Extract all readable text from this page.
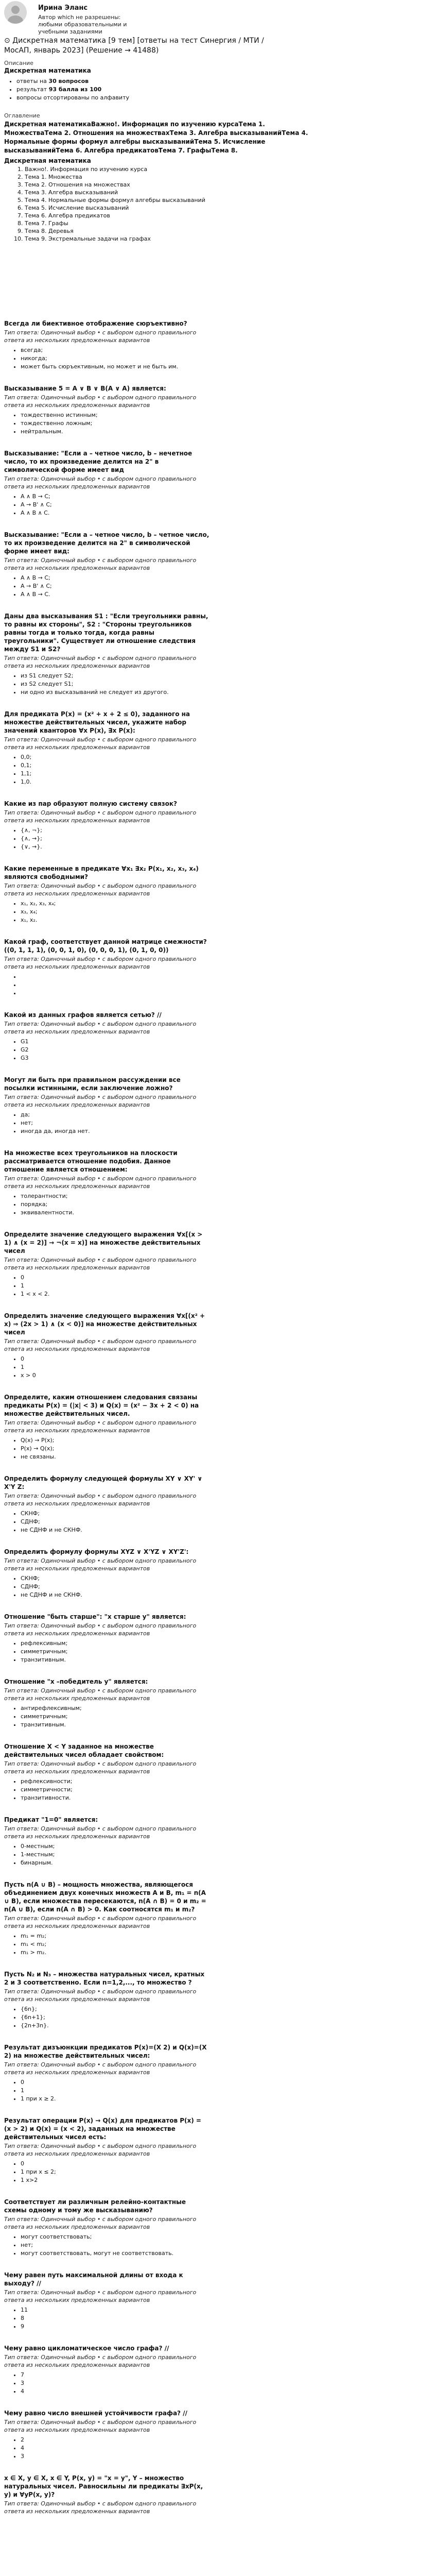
Ирина Эланс
Автор which не разрешены: любыми образовательными и учебными заданиями
⊙ Дискретная математика [9 тем] [ответы на тест Синергия / МТИ / МосАП, январь 2023] (Решение → 41488)
Описание
Дискретная математика
• ответы на 30 вопросов
• результат 93 балла из 100
• вопросы отсортированы по алфавиту
Оглавление
Дискретная математикаВажно!. Информация по изучению курсаТема 1. МножестваТема 2. Отношения на множествахТема 3. Алгебра высказыванийТема 4. Нормальные формы формул алгебры высказыванийТема 5. Исчисление высказыванийТема 6. Алгебра предикатовТема 7. ГрафыТема 8.
Дискретная математика
1. Важно!. Информация по изучению курса
2. Тема 1. Множества
3. Тема 2. Отношения на множествах
4. Тема 3. Алгебра высказываний
5. Тема 4. Нормальные формы формул алгебры высказываний
6. Тема 5. Исчисление высказываний
7. Тема 6. Алгебра предикатов
8. Тема 7. Графы
9. Тема 8. Деревья
10. Тема 9. Экстремальные задачи на графах
Всегда ли биективное отображение сюръективно?
Тип ответа: Одиночный выбор • с выбором одного правильного ответа из нескольких предложенных вариантов
• всегда;
• никогда;
• может быть сюръективным, но может и не быть им.
Высказывание 5 = A ∨ B ∨ B(A ∨ A) является:
Тип ответа: Одиночный выбор • с выбором одного правильного ответа из нескольких предложенных вариантов
• тождественно истинным;
• тождественно ложным;
• нейтральным.
Высказывание: "Если a – четное число, b – нечетное число, то их произведение делится на 2" в символической форме имеет вид
Тип ответа: Одиночный выбор • с выбором одного правильного ответа из нескольких предложенных вариантов
• A ∧ B → C;
• A → B' ∧ C;
• A ∧ B ∧ C.
Высказывание: "Если a – четное число, b – четное число, то их произведение делится на 2" в символической форме имеет вид:
Тип ответа: Одиночный выбор • с выбором одного правильного ответа из нескольких предложенных вариантов
• A ∧ B → C;
• A → B' ∧ C;
• A ∧ B → C.
Даны два высказывания S1 : "Если треугольники равны, то равны их стороны", S2 : "Стороны треугольников равны тогда и только тогда, когда равны треугольники". Существует ли отношение следствия между S1 и S2?
Тип ответа: Одиночный выбор • с выбором одного правильного ответа из нескольких предложенных вариантов
• из S1 следует S2;
• из S2 следует S1;
• ни одно из высказываний не следует из другого.
Для предиката P(x) = (x² + x + 2 ≤ 0), заданного на множестве действительных чисел, укажите набор значений кванторов ∀x P(x), ∃x P(x):
Тип ответа: Одиночный выбор • с выбором одного правильного ответа из нескольких предложенных вариантов
• 0,0;
• 0,1;
• 1,1;
• 1,0.
Какие из пар образуют полную систему связок?
Тип ответа: Одиночный выбор • с выбором одного правильного ответа из нескольких предложенных вариантов
• {∧, ¬};
• {∧, →};
• {∨, →}.
Какие переменные в предикате ∀x₁ ∃x₂ P(x₁, x₂, x₃, x₄) являются свободными?
Тип ответа: Одиночный выбор • с выбором одного правильного ответа из нескольких предложенных вариантов
• x₁, x₂, x₃, x₄;
• x₃, x₄;
• x₁, x₂.
Какой граф, соответствует данной матрице смежности? ((0, 1, 1, 1), (0, 0, 1, 0), (0, 0, 0, 1), (0, 1, 0, 0))
Тип ответа: Одиночный выбор • с выбором одного правильного ответа из нескольких предложенных вариантов
•
•
•
Какой из данных графов является сетью? //
Тип ответа: Одиночный выбор • с выбором одного правильного ответа из нескольких предложенных вариантов
• G1
• G2
• G3
Могут ли быть при правильном рассуждении все посылки истинными, если заключение ложно?
Тип ответа: Одиночный выбор • с выбором одного правильного ответа из нескольких предложенных вариантов
• да;
• нет;
• иногда да, иногда нет.
На множестве всех треугольников на плоскости рассматривается отношение подобия. Данное отношение является отношением:
Тип ответа: Одиночный выбор • с выбором одного правильного ответа из нескольких предложенных вариантов
• толерантности;
• порядка;
• эквивалентности.
Определите значение следующего выражения ∀x[(x > 1) ∧ (x = 2)] → ¬(x = x)] на множестве действительных чисел
Тип ответа: Одиночный выбор • с выбором одного правильного ответа из нескольких предложенных вариантов
• 0
• 1
• 1 < x < 2.
Определить значение следующего выражения ∀x[(x² + x) ⇒ (2x > 1) ∧ (x < 0)] на множестве действительных чисел
Тип ответа: Одиночный выбор • с выбором одного правильного ответа из нескольких предложенных вариантов
• 0
• 1
• x > 0
Определите, каким отношением следования связаны предикаты P(x) = (|x| < 3) и Q(x) = (x² − 3x + 2 < 0) на множестве действительных чисел.
Тип ответа: Одиночный выбор • с выбором одного правильного ответа из нескольких предложенных вариантов
• Q(x) → P(x);
• P(x) → Q(x);
• не связаны.
Определить формулу следующей формулы XY ∨ XY' ∨ X'Y Z:
Тип ответа: Одиночный выбор • с выбором одного правильного ответа из нескольких предложенных вариантов
• СКНФ;
• СДНФ;
• не СДНФ и не СКНФ.
Определить формулу формулы XYZ ∨ X'YZ ∨ XY'Z':
Тип ответа: Одиночный выбор • с выбором одного правильного ответа из нескольких предложенных вариантов
• СКНФ;
• СДНФ;
• не СДНФ и не СКНФ.
Отношение "быть старше": "x старше y" является:
Тип ответа: Одиночный выбор • с выбором одного правильного ответа из нескольких предложенных вариантов
• рефлексивным;
• симметричным;
• транзитивным.
Отношение "x –победитель y" является:
Тип ответа: Одиночный выбор • с выбором одного правильного ответа из нескольких предложенных вариантов
• антирефлексивным;
• симметричным;
• транзитивным.
Отношение X < Y заданное на множестве действительных чисел обладает свойством:
Тип ответа: Одиночный выбор • с выбором одного правильного ответа из нескольких предложенных вариантов
• рефлексивности;
• симметричности;
• транзитивности.
Предикат "1=0" является:
Тип ответа: Одиночный выбор • с выбором одного правильного ответа из нескольких предложенных вариантов
• 0-местным;
• 1-местным;
• бинарным.
Пусть n(A ∪ B) – мощность множества, являющегося объединением двух конечных множеств A и B, m₁ = n(A ∪ B), если множества пересекаются, n(A ∩ B) = 0 и m₂ = n(A ∪ B), если n(A ∩ B) > 0. Как соотносятся m₁ и m₂?
Тип ответа: Одиночный выбор • с выбором одного правильного ответа из нескольких предложенных вариантов
• m₁ = m₂;
• m₁ < m₂;
• m₁ > m₂.
Пусть N₂ и N₃ – множества натуральных чисел, кратных 2 и 3 соответственно. Если n=1,2,..., то множество ?
Тип ответа: Одиночный выбор • с выбором одного правильного ответа из нескольких предложенных вариантов
• {6n};
• {6n+1};
• {2n+3n}.
Результат дизъюнкции предикатов P(x)=(X 2) и Q(x)=(X 2) на множестве действительных чисел:
Тип ответа: Одиночный выбор • с выбором одного правильного ответа из нескольких предложенных вариантов
• 0
• 1
• 1 при x ≥ 2.
Результат операции P(x) → Q(x) для предикатов P(x) = (x > 2) и Q(x) = (x < 2), заданных на множестве действительных чисел есть:
Тип ответа: Одиночный выбор • с выбором одного правильного ответа из нескольких предложенных вариантов
• 0
• 1 при x ≤ 2;
• 1 x>2
Соответствует ли различным релейно-контактные схемы одному и тому же высказыванию?
Тип ответа: Одиночный выбор • с выбором одного правильного ответа из нескольких предложенных вариантов
• могут соответствовать;
• нет;
• могут соответствовать, могут не соответствовать.
Чему равен путь максимальной длины от входа к выходу? //
Тип ответа: Одиночный выбор • с выбором одного правильного ответа из нескольких предложенных вариантов
• 11
• 8
• 9
Чему равно цикломатическое число графа? //
Тип ответа: Одиночный выбор • с выбором одного правильного ответа из нескольких предложенных вариантов
• 7
• 3
• 4
Чему равно число внешней устойчивости графа? //
Тип ответа: Одиночный выбор • с выбором одного правильного ответа из нескольких предложенных вариантов
• 2
• 4
• 3
x ∈ X, y ∈ X, x ∈ Y, P(x, y) = "x = y", Y – множество натуральных чисел. Равносильны ли предикаты ∃xP(x, y) и ∀yP(x, y)?
Тип ответа: Одиночный выбор • с выбором одного правильного ответа из нескольких предложенных вариантов
